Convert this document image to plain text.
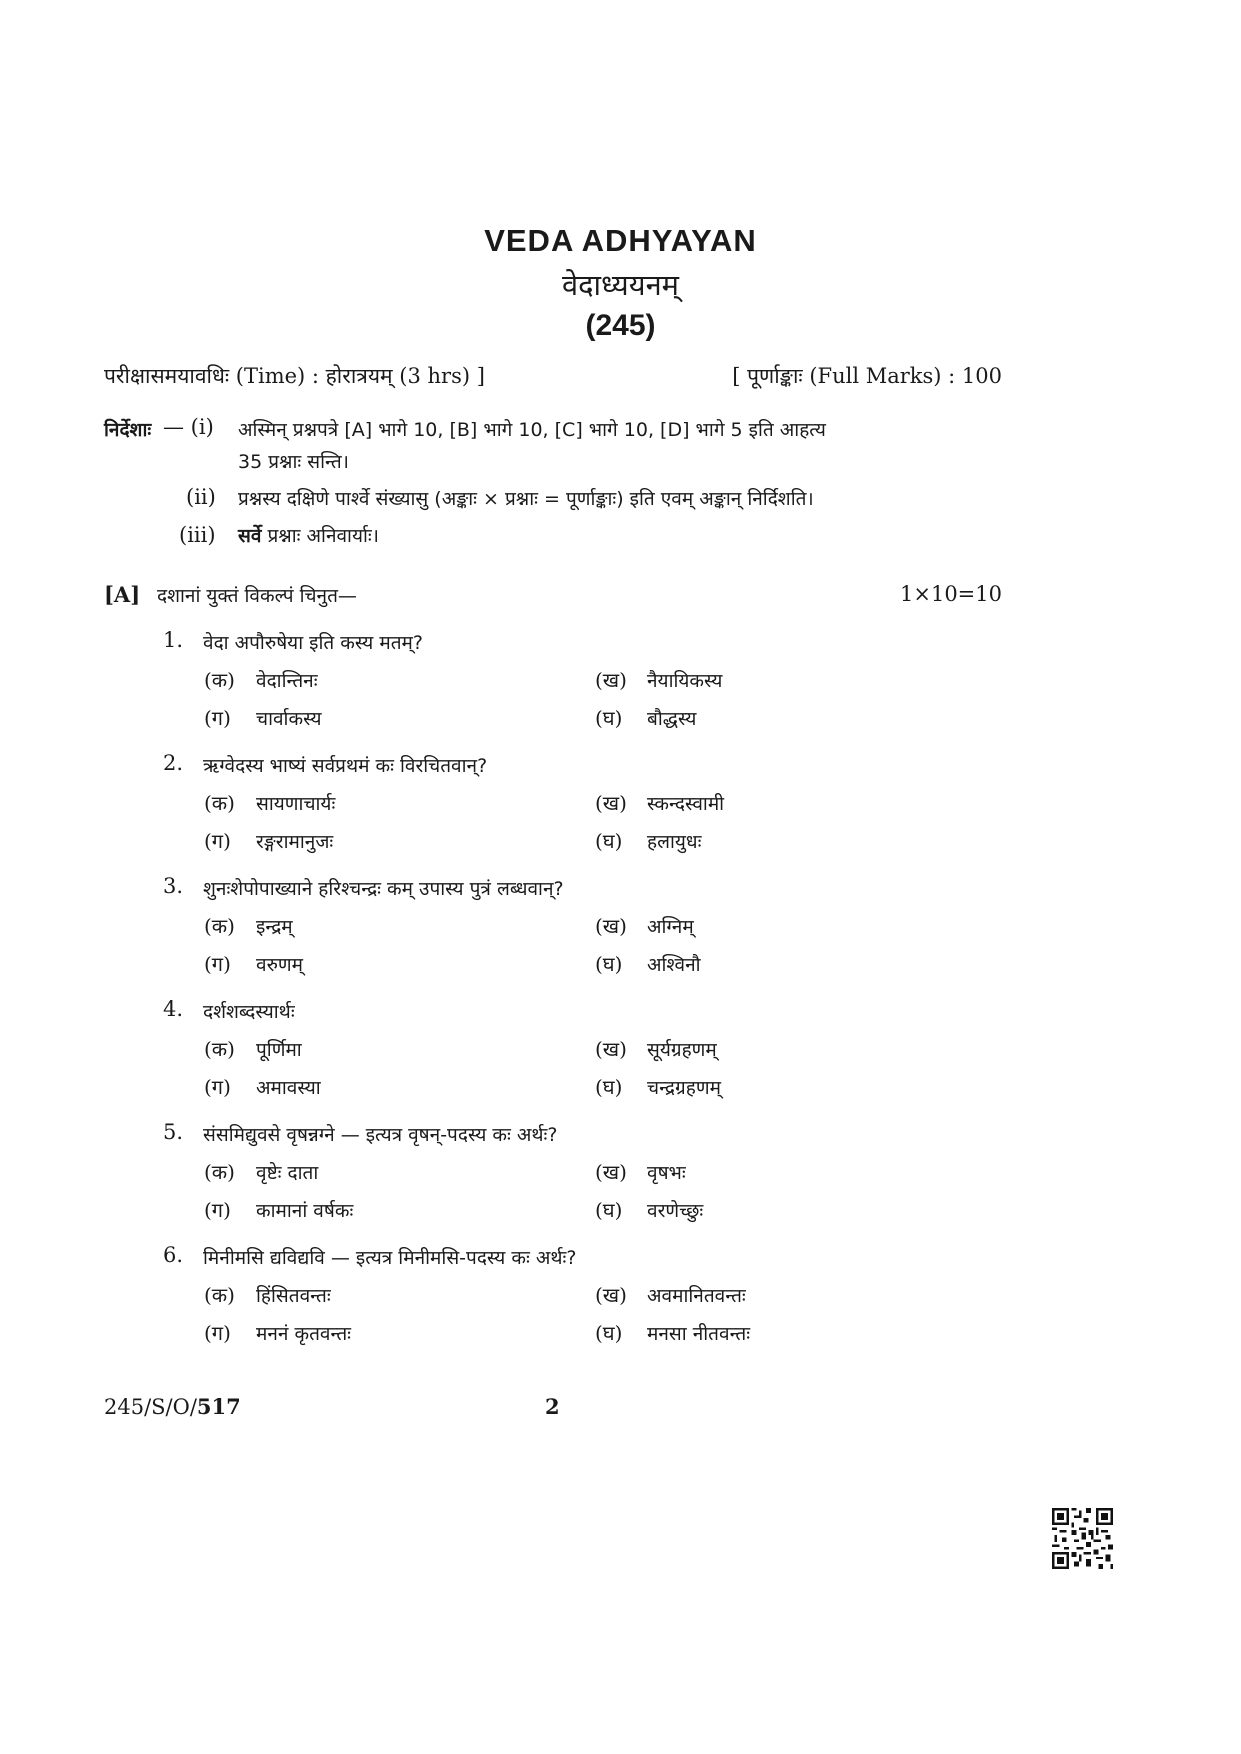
VEDA ADHYAYAN
वेदाध्ययनम्
(245)
परीक्षासमयावधिः (Time) : होरात्रयम् (3 hrs) ]	[ पूर्णाङ्काः (Full Marks) : 100
निर्देशाः — (i) अस्मिन् प्रश्नपत्रे [A] भागे 10, [B] भागे 10, [C] भागे 10, [D] भागे 5 इति आहत्य
35 प्रश्नाः सन्ति।
(ii) प्रश्नस्य दक्षिणे पार्श्वे संख्यासु (अङ्काः × प्रश्नाः = पूर्णाङ्काः) इति एवम् अङ्कान् निर्दिशति।
(iii) सर्वे प्रश्नाः अनिवार्याः।
[A] दशानां युक्तं विकल्पं चिनुत—	1×10=10
1. वेदा अपौरुषेया इति कस्य मतम्?
(क) वेदान्तिनः	(ख) नैयायिकस्य
(ग) चार्वाकस्य	(घ) बौद्धस्य
2. ऋग्वेदस्य भाष्यं सर्वप्रथमं कः विरचितवान्?
(क) सायणाचार्यः	(ख) स्कन्दस्वामी
(ग) रङ्गरामानुजः	(घ) हलायुधः
3. शुनःशेपोपाख्याने हरिश्चन्द्रः कम् उपास्य पुत्रं लब्धवान्?
(क) इन्द्रम्	(ख) अग्निम्
(ग) वरुणम्	(घ) अश्विनौ
4. दर्शशब्दस्यार्थः
(क) पूर्णिमा	(ख) सूर्यग्रहणम्
(ग) अमावस्या	(घ) चन्द्रग्रहणम्
5. संसमिद्युवसे वृषन्नग्ने — इत्यत्र वृषन्-पदस्य कः अर्थः?
(क) वृष्टेः दाता	(ख) वृषभः
(ग) कामानां वर्षकः	(घ) वरणेच्छुः
6. मिनीमसि द्यविद्यवि — इत्यत्र मिनीमसि-पदस्य कः अर्थः?
(क) हिंसितवन्तः	(ख) अवमानितवन्तः
(ग) मननं कृतवन्तः	(घ) मनसा नीतवन्तः
245/S/O/517	2
